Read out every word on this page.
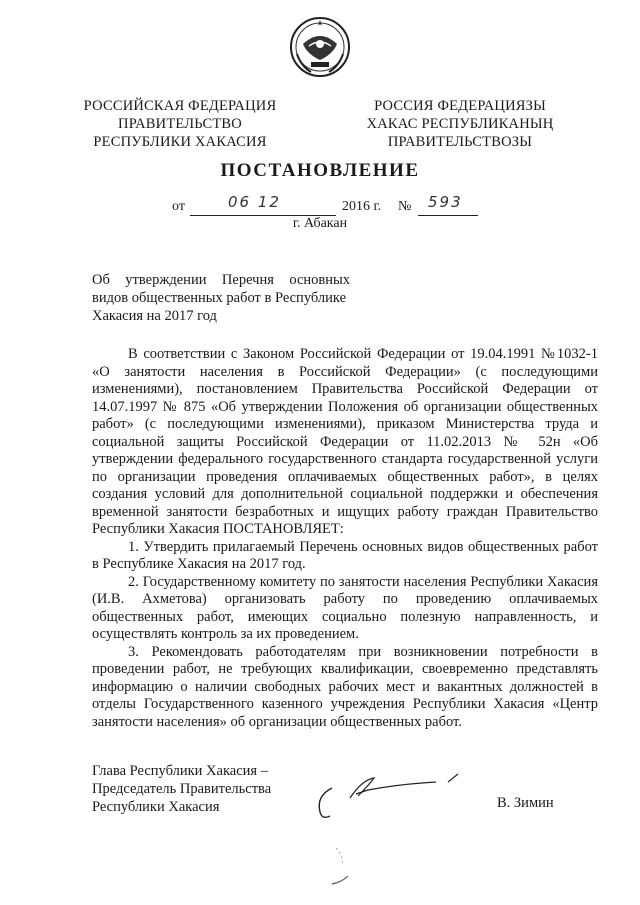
РОССИЙСКАЯ ФЕДЕРАЦИЯ
ПРАВИТЕЛЬСТВО
РЕСПУБЛИКИ ХАКАСИЯ
РОССИЯ ФЕДЕРАЦИЯЗЫ
ХАКАС РЕСПУБЛИКАНЫҢ
ПРАВИТЕЛЬСТВОЗЫ
ПОСТАНОВЛЕНИЕ
от	06 12	2016 г. № 593
г. Абакан
Об утверждении Перечня основных
видов общественных работ в Республике
Хакасия на 2017 год

В соответствии с Законом Российской Федерации от 19.04.1991 №1032-1 «О занятости населения в Российской Федерации» (с последующими изменениями), постановлением Правительства Российской Федерации от 14.07.1997 № 875 «Об утверждении Положения об организации общественных работ» (с последующими изменениями), приказом Министерства труда и социальной защиты Российской Федерации от 11.02.2013 № 52н «Об утверждении федерального государственного стандарта государственной услуги по организации проведения оплачиваемых общественных работ», в целях создания условий для дополнительной социальной поддержки и обеспечения временной занятости безработных и ищущих работу граждан Правительство Республики Хакасия ПОСТАНОВЛЯЕТ:

1. Утвердить прилагаемый Перечень основных видов общественных работ в Республике Хакасия на 2017 год.

2. Государственному комитету по занятости населения Республики Хакасия (И.В. Ахметова) организовать работу по проведению оплачиваемых общественных работ, имеющих социально полезную направленность, и осуществлять контроль за их проведением.

3. Рекомендовать работодателям при возникновении потребности в проведении работ, не требующих квалификации, своевременно представлять информацию о наличии свободных рабочих мест и вакантных должностей в отделы Государственного казенного учреждения Республики Хакасия «Центр занятости населения» об организации общественных работ.

Глава Республики Хакасия –
Председатель Правительства
Республики Хакасия	В. Зимин
